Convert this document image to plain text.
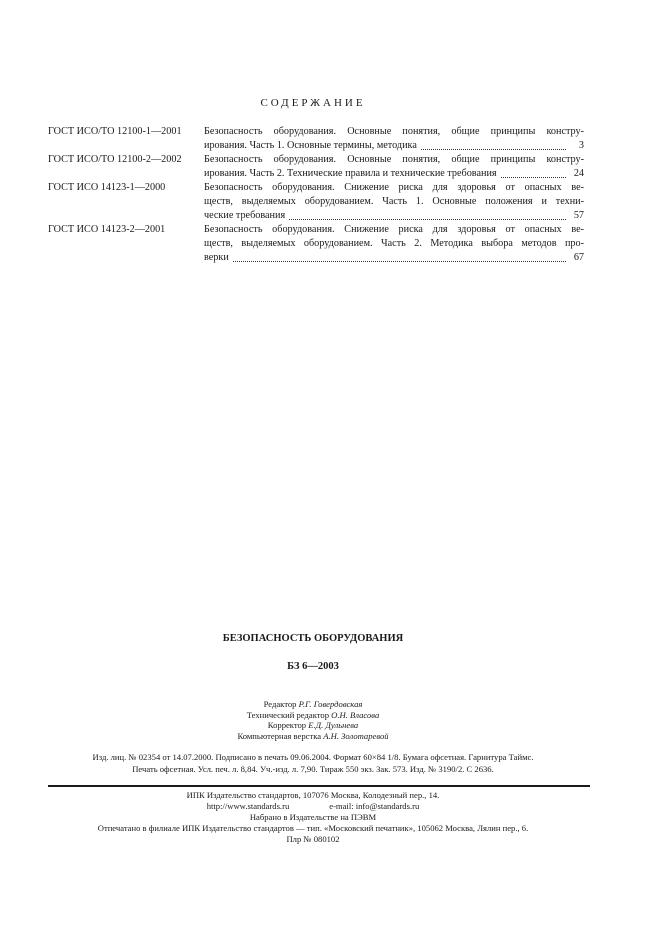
СОДЕРЖАНИЕ
ГОСТ ИСО/ТО 12100-1—2001	Безопасность оборудования. Основные понятия, общие принципы констру-
ирования. Часть 1. Основные термины, методика	3
ГОСТ ИСО/ТО 12100-2—2002	Безопасность оборудования. Основные понятия, общие принципы констру-
ирования. Часть 2. Технические правила и технические требования	24
ГОСТ ИСО 14123-1—2000	Безопасность оборудования. Снижение риска для здоровья от опасных ве-
ществ, выделяемых оборудованием. Часть 1. Основные положения и техни-
ческие требования	57
ГОСТ ИСО 14123-2—2001	Безопасность оборудования. Снижение риска для здоровья от опасных ве-
ществ, выделяемых оборудованием. Часть 2. Методика выбора методов про-
верки	67
БЕЗОПАСНОСТЬ ОБОРУДОВАНИЯ
БЗ 6—2003
Редактор Р.Г. Говердовская
Технический редактор О.Н. Власова
Корректор Е.Д. Дульнева
Компьютерная верстка А.Н. Золотаревой
Изд. лиц. № 02354 от 14.07.2000. Подписано в печать 09.06.2004. Формат 60×84 1/8. Бумага офсетная. Гарнитура Таймс.
Печать офсетная. Усл. печ. л. 8,84. Уч.-изд. л. 7,90. Тираж 550 экз. Зак. 573. Изд. № 3190/2. С 2636.
ИПК Издательство стандартов, 107076 Москва, Колодезный пер., 14.
http://www.standards.ru	e-mail: info@standards.ru
Набрано в Издательстве на ПЭВМ
Отпечатано в филиале ИПК Издательство стандартов — тип. «Московский печатник», 105062 Москва, Лялин пер., 6.
Плр № 080102
